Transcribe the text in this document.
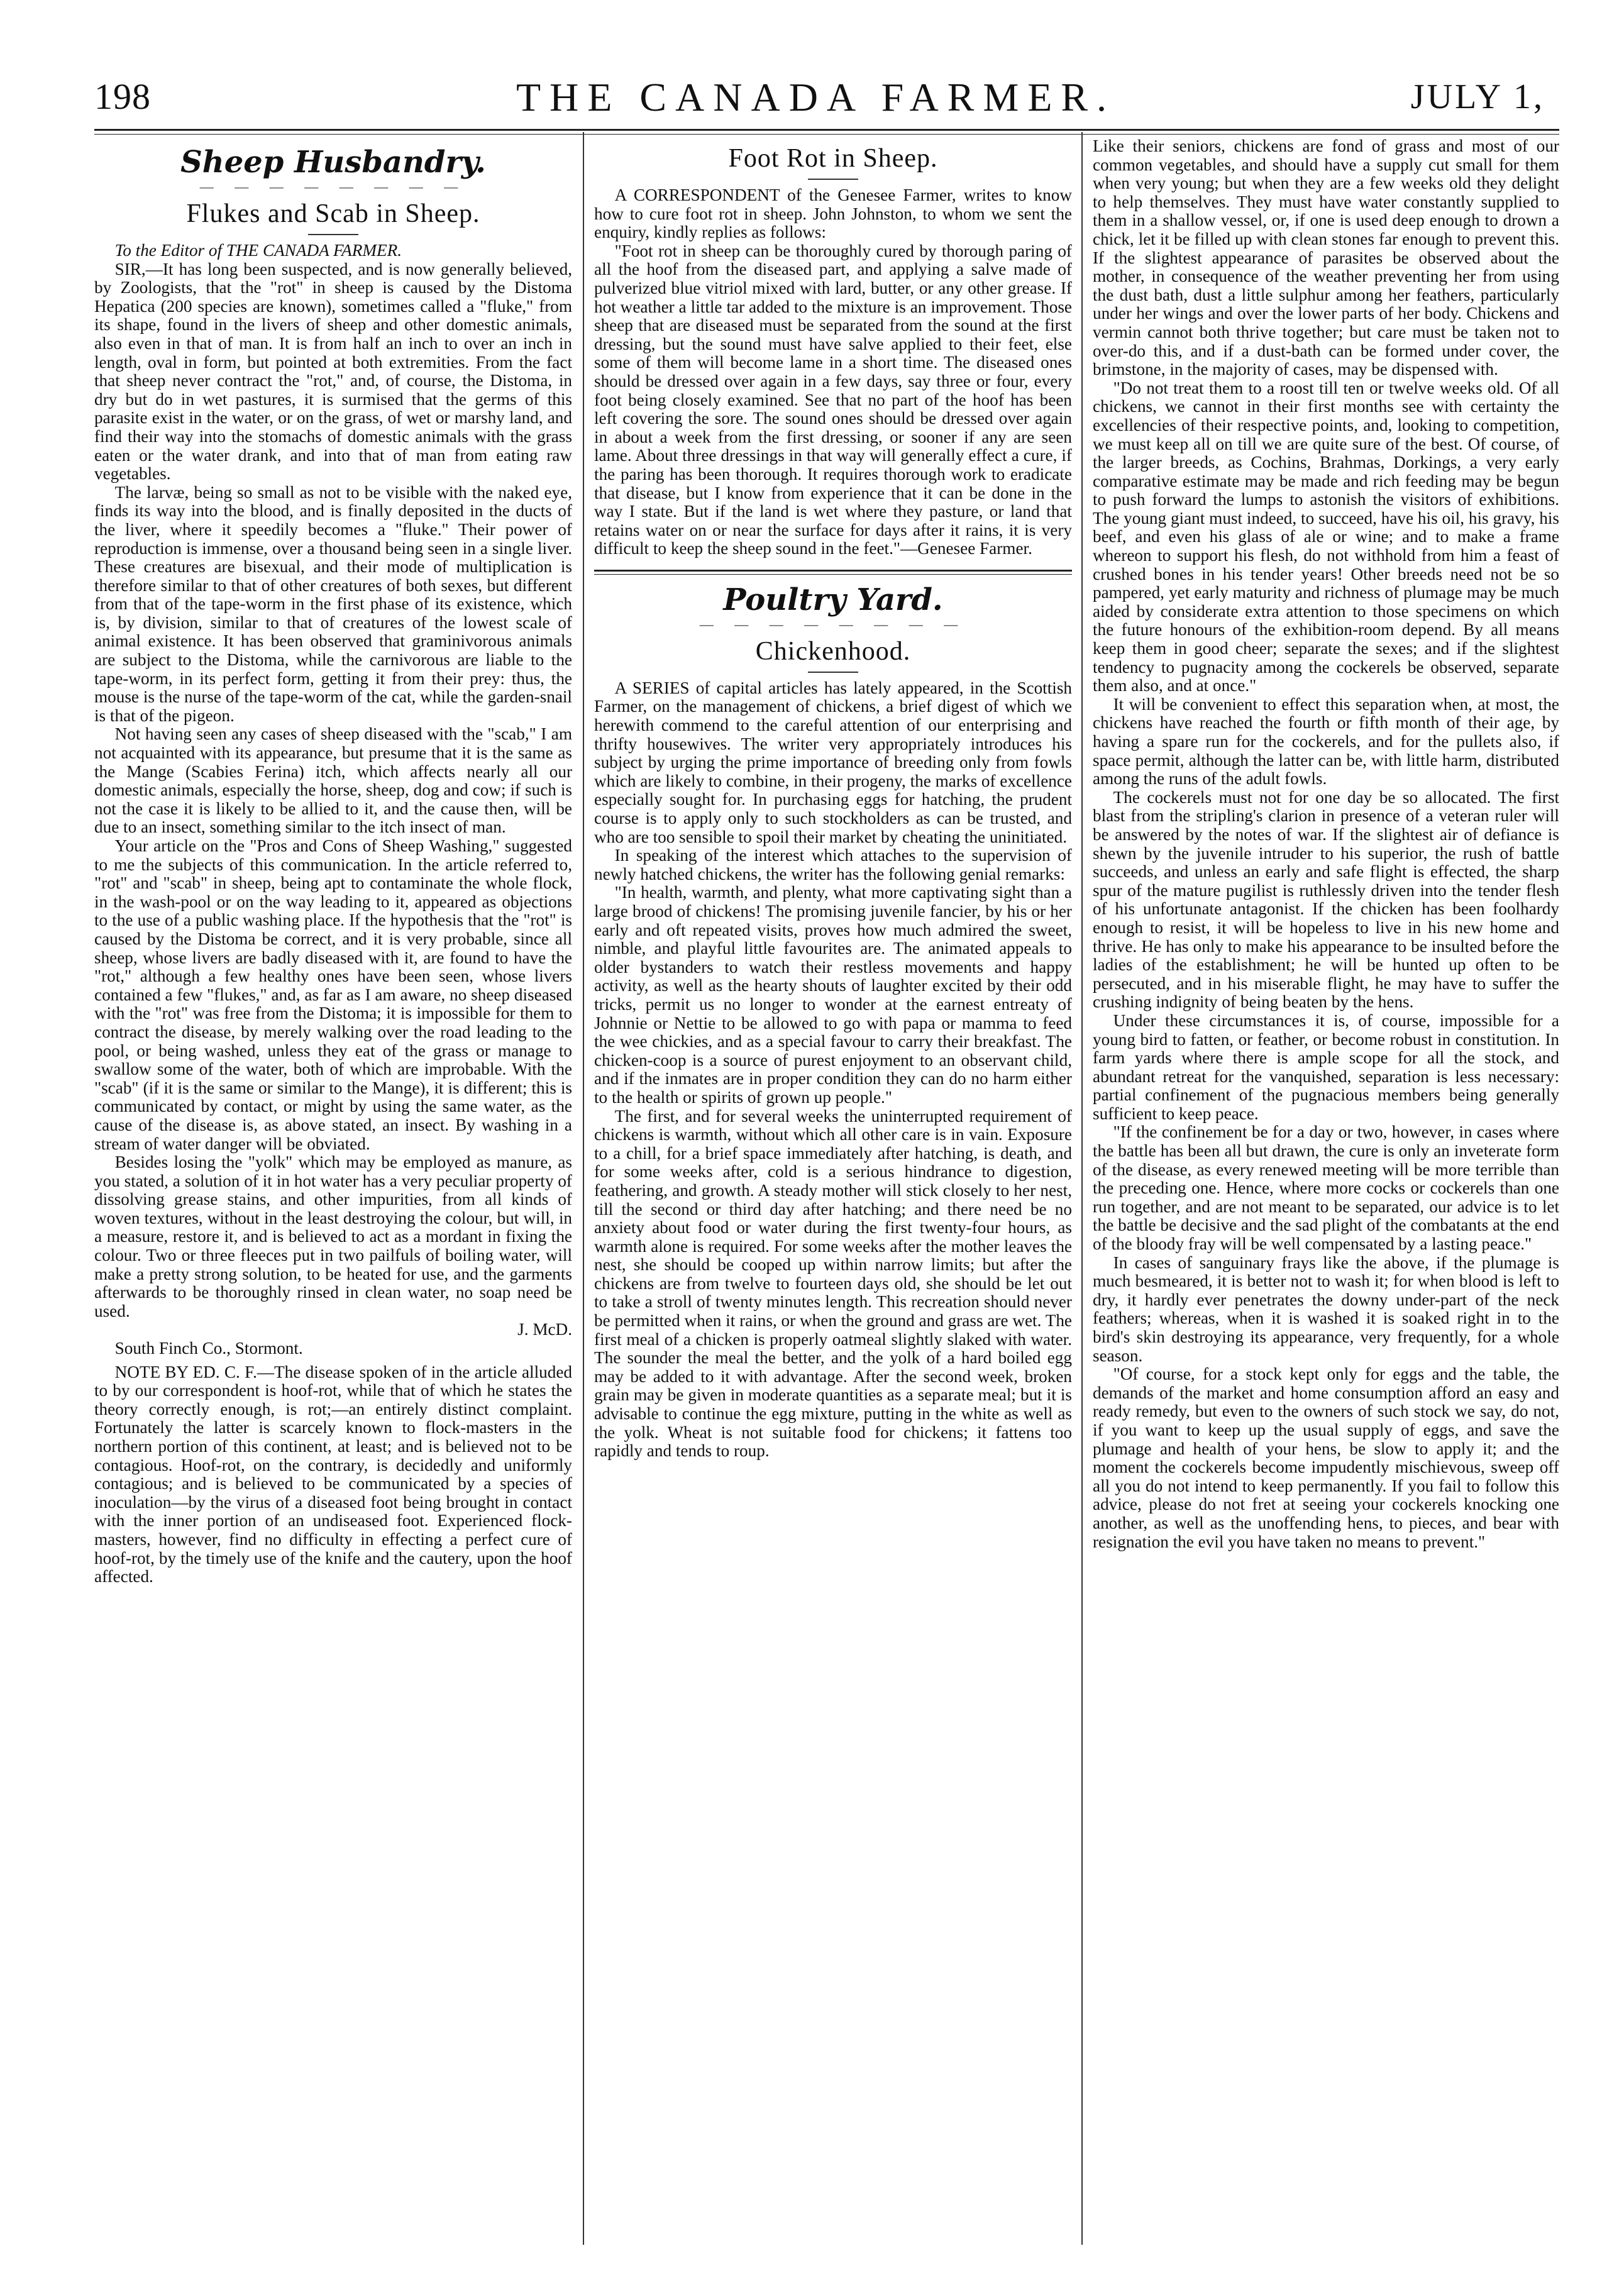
198	THE CANADA FARMER.	JULY 1,
Sheep Husbandry.
— — — — — — — —
Flukes and Scab in Sheep.

To the Editor of THE CANADA FARMER.

SIR,—It has long been suspected, and is now generally believed, by Zoologists, that the "rot" in sheep is caused by the Distoma Hepatica (200 species are known), sometimes called a "fluke," from its shape, found in the livers of sheep and other domestic animals, also even in that of man. It is from half an inch to over an inch in length, oval in form, but pointed at both extremities. From the fact that sheep never contract the "rot," and, of course, the Distoma, in dry but do in wet pastures, it is surmised that the germs of this parasite exist in the water, or on the grass, of wet or marshy land, and find their way into the stomachs of domestic animals with the grass eaten or the water drank, and into that of man from eating raw vegetables.

The larvæ, being so small as not to be visible with the naked eye, finds its way into the blood, and is finally deposited in the ducts of the liver, where it speedily becomes a "fluke." Their power of reproduction is immense, over a thousand being seen in a single liver. These creatures are bisexual, and their mode of multiplication is therefore similar to that of other creatures of both sexes, but different from that of the tape-worm in the first phase of its existence, which is, by division, similar to that of creatures of the lowest scale of animal existence. It has been observed that graminivorous animals are subject to the Distoma, while the carnivorous are liable to the tape-worm, in its perfect form, getting it from their prey: thus, the mouse is the nurse of the tape-worm of the cat, while the garden-snail is that of the pigeon.

Not having seen any cases of sheep diseased with the "scab," I am not acquainted with its appearance, but presume that it is the same as the Mange (Scabies Ferina) itch, which affects nearly all our domestic animals, especially the horse, sheep, dog and cow; if such is not the case it is likely to be allied to it, and the cause then, will be due to an insect, something similar to the itch insect of man.

Your article on the "Pros and Cons of Sheep Washing," suggested to me the subjects of this communication. In the article referred to, "rot" and "scab" in sheep, being apt to contaminate the whole flock, in the wash-pool or on the way leading to it, appeared as objections to the use of a public washing place. If the hypothesis that the "rot" is caused by the Distoma be correct, and it is very probable, since all sheep, whose livers are badly diseased with it, are found to have the "rot," although a few healthy ones have been seen, whose livers contained a few "flukes," and, as far as I am aware, no sheep diseased with the "rot" was free from the Distoma; it is impossible for them to contract the disease, by merely walking over the road leading to the pool, or being washed, unless they eat of the grass or manage to swallow some of the water, both of which are improbable. With the "scab" (if it is the same or similar to the Mange), it is different; this is communicated by contact, or might by using the same water, as the cause of the disease is, as above stated, an insect. By washing in a stream of water danger will be obviated.

Besides losing the "yolk" which may be employed as manure, as you stated, a solution of it in hot water has a very peculiar property of dissolving grease stains, and other impurities, from all kinds of woven textures, without in the least destroying the colour, but will, in a measure, restore it, and is believed to act as a mordant in fixing the colour. Two or three fleeces put in two pailfuls of boiling water, will make a pretty strong solution, to be heated for use, and the garments afterwards to be thoroughly rinsed in clean water, no soap need be used.

J. McD.

South Finch Co., Stormont.

NOTE BY ED. C. F.—The disease spoken of in the article alluded to by our correspondent is hoof-rot, while that of which he states the theory correctly enough, is rot;—an entirely distinct complaint. Fortunately the latter is scarcely known to flock-masters in the northern portion of this continent, at least; and is believed not to be contagious. Hoof-rot, on the contrary, is decidedly and uniformly contagious; and is believed to be communicated by a species of inoculation—by the virus of a diseased foot being brought in contact with the inner portion of an undiseased foot. Experienced flock-masters, however, find no difficulty in effecting a perfect cure of hoof-rot, by the timely use of the knife and the cautery, upon the hoof affected.

Foot Rot in Sheep.

A CORRESPONDENT of the Genesee Farmer, writes to know how to cure foot rot in sheep. John Johnston, to whom we sent the enquiry, kindly replies as follows:

"Foot rot in sheep can be thoroughly cured by thorough paring of all the hoof from the diseased part, and applying a salve made of pulverized blue vitriol mixed with lard, butter, or any other grease. If hot weather a little tar added to the mixture is an improvement. Those sheep that are diseased must be separated from the sound at the first dressing, but the sound must have salve applied to their feet, else some of them will become lame in a short time. The diseased ones should be dressed over again in a few days, say three or four, every foot being closely examined. See that no part of the hoof has been left covering the sore. The sound ones should be dressed over again in about a week from the first dressing, or sooner if any are seen lame. About three dressings in that way will generally effect a cure, if the paring has been thorough. It requires thorough work to eradicate that disease, but I know from experience that it can be done in the way I state. But if the land is wet where they pasture, or land that retains water on or near the surface for days after it rains, it is very difficult to keep the sheep sound in the feet."—Genesee Farmer.

Poultry Yard.
— — — — — — — —
Chickenhood.

A SERIES of capital articles has lately appeared, in the Scottish Farmer, on the management of chickens, a brief digest of which we herewith commend to the careful attention of our enterprising and thrifty housewives. The writer very appropriately introduces his subject by urging the prime importance of breeding only from fowls which are likely to combine, in their progeny, the marks of excellence especially sought for. In purchasing eggs for hatching, the prudent course is to apply only to such stockholders as can be trusted, and who are too sensible to spoil their market by cheating the uninitiated.

In speaking of the interest which attaches to the supervision of newly hatched chickens, the writer has the following genial remarks:

"In health, warmth, and plenty, what more captivating sight than a large brood of chickens! The promising juvenile fancier, by his or her early and oft repeated visits, proves how much admired the sweet, nimble, and playful little favourites are. The animated appeals to older bystanders to watch their restless movements and happy activity, as well as the hearty shouts of laughter excited by their odd tricks, permit us no longer to wonder at the earnest entreaty of Johnnie or Nettie to be allowed to go with papa or mamma to feed the wee chickies, and as a special favour to carry their breakfast. The chicken-coop is a source of purest enjoyment to an observant child, and if the inmates are in proper condition they can do no harm either to the health or spirits of grown up people."

The first, and for several weeks the uninterrupted requirement of chickens is warmth, without which all other care is in vain. Exposure to a chill, for a brief space immediately after hatching, is death, and for some weeks after, cold is a serious hindrance to digestion, feathering, and growth. A steady mother will stick closely to her nest, till the second or third day after hatching; and there need be no anxiety about food or water during the first twenty-four hours, as warmth alone is required. For some weeks after the mother leaves the nest, she should be cooped up within narrow limits; but after the chickens are from twelve to fourteen days old, she should be let out to take a stroll of twenty minutes length. This recreation should never be permitted when it rains, or when the ground and grass are wet. The first meal of a chicken is properly oatmeal slightly slaked with water. The sounder the meal the better, and the yolk of a hard boiled egg may be added to it with advantage. After the second week, broken grain may be given in moderate quantities as a separate meal; but it is advisable to continue the egg mixture, putting in the white as well as the yolk. Wheat is not suitable food for chickens; it fattens too rapidly and tends to roup.

Like their seniors, chickens are fond of grass and most of our common vegetables, and should have a supply cut small for them when very young; but when they are a few weeks old they delight to help themselves. They must have water constantly supplied to them in a shallow vessel, or, if one is used deep enough to drown a chick, let it be filled up with clean stones far enough to prevent this. If the slightest appearance of parasites be observed about the mother, in consequence of the weather preventing her from using the dust bath, dust a little sulphur among her feathers, particularly under her wings and over the lower parts of her body. Chickens and vermin cannot both thrive together; but care must be taken not to over-do this, and if a dust-bath can be formed under cover, the brimstone, in the majority of cases, may be dispensed with.

"Do not treat them to a roost till ten or twelve weeks old. Of all chickens, we cannot in their first months see with certainty the excellencies of their respective points, and, looking to competition, we must keep all on till we are quite sure of the best. Of course, of the larger breeds, as Cochins, Brahmas, Dorkings, a very early comparative estimate may be made and rich feeding may be begun to push forward the lumps to astonish the visitors of exhibitions. The young giant must indeed, to succeed, have his oil, his gravy, his beef, and even his glass of ale or wine; and to make a frame whereon to support his flesh, do not withhold from him a feast of crushed bones in his tender years! Other breeds need not be so pampered, yet early maturity and richness of plumage may be much aided by considerate extra attention to those specimens on which the future honours of the exhibition-room depend. By all means keep them in good cheer; separate the sexes; and if the slightest tendency to pugnacity among the cockerels be observed, separate them also, and at once."

It will be convenient to effect this separation when, at most, the chickens have reached the fourth or fifth month of their age, by having a spare run for the cockerels, and for the pullets also, if space permit, although the latter can be, with little harm, distributed among the runs of the adult fowls.

The cockerels must not for one day be so allocated. The first blast from the stripling's clarion in presence of a veteran ruler will be answered by the notes of war. If the slightest air of defiance is shewn by the juvenile intruder to his superior, the rush of battle succeeds, and unless an early and safe flight is effected, the sharp spur of the mature pugilist is ruthlessly driven into the tender flesh of his unfortunate antagonist. If the chicken has been foolhardy enough to resist, it will be hopeless to live in his new home and thrive. He has only to make his appearance to be insulted before the ladies of the establishment; he will be hunted up often to be persecuted, and in his miserable flight, he may have to suffer the crushing indignity of being beaten by the hens.

Under these circumstances it is, of course, impossible for a young bird to fatten, or feather, or become robust in constitution. In farm yards where there is ample scope for all the stock, and abundant retreat for the vanquished, separation is less necessary: partial confinement of the pugnacious members being generally sufficient to keep peace.

"If the confinement be for a day or two, however, in cases where the battle has been all but drawn, the cure is only an inveterate form of the disease, as every renewed meeting will be more terrible than the preceding one. Hence, where more cocks or cockerels than one run together, and are not meant to be separated, our advice is to let the battle be decisive and the sad plight of the combatants at the end of the bloody fray will be well compensated by a lasting peace."

In cases of sanguinary frays like the above, if the plumage is much besmeared, it is better not to wash it; for when blood is left to dry, it hardly ever penetrates the downy under-part of the neck feathers; whereas, when it is washed it is soaked right in to the bird's skin destroying its appearance, very frequently, for a whole season.

"Of course, for a stock kept only for eggs and the table, the demands of the market and home consumption afford an easy and ready remedy, but even to the owners of such stock we say, do not, if you want to keep up the usual supply of eggs, and save the plumage and health of your hens, be slow to apply it; and the moment the cockerels become impudently mischievous, sweep off all you do not intend to keep permanently. If you fail to follow this advice, please do not fret at seeing your cockerels knocking one another, as well as the unoffending hens, to pieces, and bear with resignation the evil you have taken no means to prevent."
